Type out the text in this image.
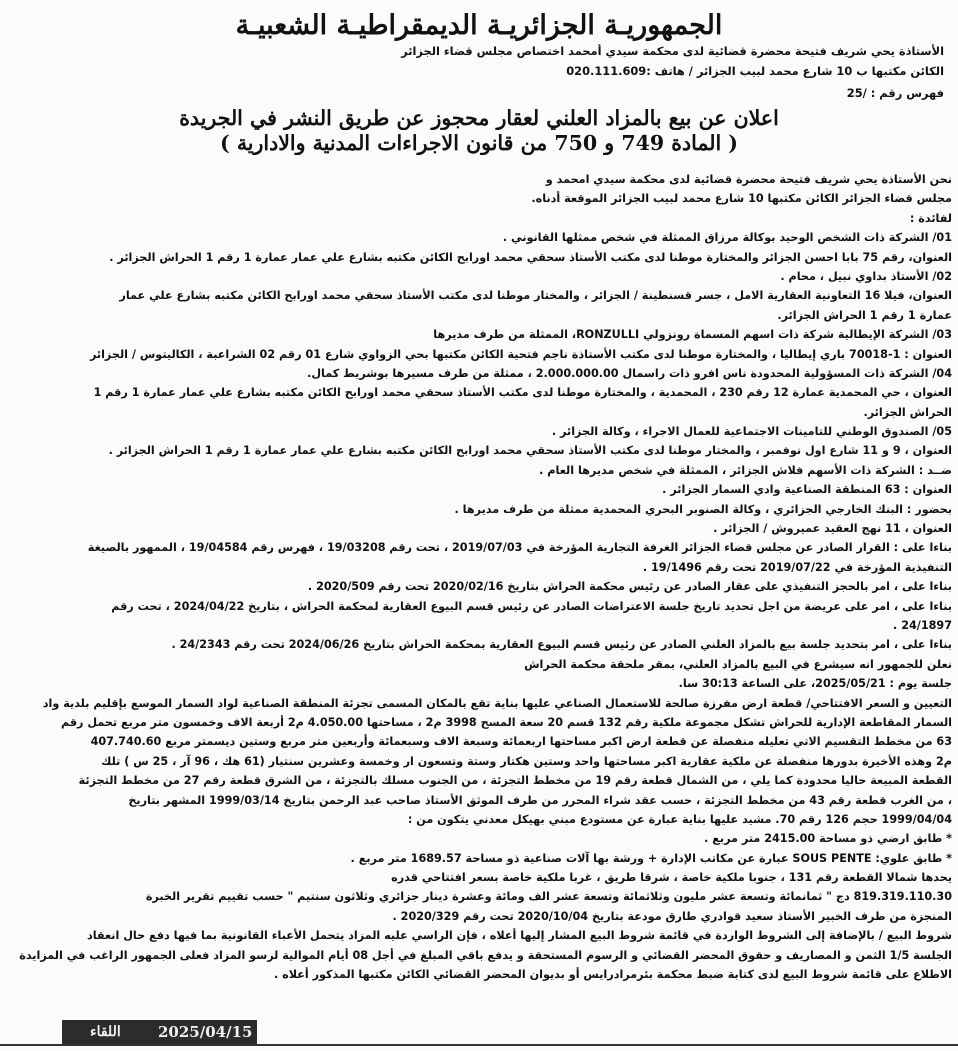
الجمهوريـة الجزائريـة الديمقراطيـة الشعبيـة
الأستاذة يحي شريف فتيحة محضرة قضائية لدى محكمة سيدي أمحمد اختصاص مجلس قضاء الجزائر
الكائن مكتبها ب 10 شارع محمد لبيب الجزائر / هاتف :020.111.609
فهرس رقم : /25
اعلان عن بيع بالمزاد العلني لعقار محجوز عن طريق النشر في الجريدة
( المادة 749 و 750 من قانون الاجراءات المدنية والادارية )
نحن الأستاذة يحي شريف فتيحة محضرة قضائية لدى محكمة سيدي امحمد و
مجلس قضاء الجزائر الكائن مكتبها 10 شارع محمد لبيب الجزائر الموقعة أدناه.
لفائدة :
01/ الشركة ذات الشخص الوحيد بوكالة مرزاق الممثلة في شخص ممثلها القانوني .
العنوان، رقم 75 بابا احسن الجزائر والمختارة موطنا لدى مكتب الأستاذ سحقي محمد اورابح الكائن مكتبه بشارع علي عمار عمارة 1 رقم 1 الحراش الجزائر .
02/ الأستاذ بداوي نبيل ، محام .
العنوان، فيلا 16 التعاونية العقارية الامل ، جسر قسنطينة / الجزائر ، والمختار موطنا لدى مكتب الأستاذ سحقي محمد اورابح الكائن مكتبه بشارع علي عمار
عمارة 1 رقم 1 الحراش الجزائر.
03/ الشركة الإيطالية شركة ذات اسهم المسماة رونزولي RONZULLI، الممثلة من طرف مديرها
العنوان : 1-70018 باري إيطاليا ، والمختارة موطنا لدى مكتب الأستاذة ناجم فتحية الكائن مكتبها بحي الزواوي شارع 01 رقم 02 الشراعبة ، الكاليتوس / الجزائر
04/ الشركة ذات المسؤولية المحدودة ناس افرو ذات راسمال 2.000.000.00 ، ممثلة من طرف مسيرها بوشريط كمال.
العنوان ، حي المحمدية عمارة 12 رقم 230 ، المحمدية ، والمختارة موطنا لدى مكتب الأستاذ سحقي محمد اورابح الكائن مكتبه بشارع علي عمار عمارة 1 رقم 1
الحراش الجزائر.
05/ الصندوق الوطني للتامينات الاجتماعية للعمال الاجراء ، وكالة الجزائر .
العنوان ، 9 و 11 شارع اول نوفمبر ، والمختار موطنا لدى مكتب الأستاذ سحقي محمد اورابح الكائن مكتبه بشارع علي عمار عمارة 1 رقم 1 الحراش الجزائر .
ضــد : الشركة ذات الأسهم فلاش الجزائر ، الممثلة في شخص مديرها العام .
العنوان : 63 المنطقة الصناعية وادي السمار الجزائر .
بحضور : البنك الخارجي الجزائري ، وكالة الصنوبر البحري المحمدية ممثلة من طرف مديرها .
العنوان ، 11 نهج العقيد عميروش / الجزائر .
بناءا على : القرار الصادر عن مجلس قضاء الجزائر الغرفة التجارية المؤرخة في 2019/07/03 ، تحت رقم 19/03208 ، فهرس رقم 19/04584 ، الممهور بالصيغة
التنفيذية المؤرخة في 2019/07/22 تحت رقم 19/1496 .
بناءا على ، امر بالحجز التنفيذي على عقار الصادر عن رئيس محكمة الحراش بتاريخ 2020/02/16 تحت رقم 2020/509 .
بناءا على ، امر على عريضة من اجل تحديد تاريخ جلسة الاعتراضات الصادر عن رئيس قسم البيوع العقارية لمحكمة الحراش ، بتاريخ 2024/04/22 ، تحت رقم
24/1897 .
بناءا على ، امر بتحديد جلسة بيع بالمزاد العلني الصادر عن رئيس قسم البيوع العقارية بمحكمة الحراش بتاريخ 2024/06/26 تحت رقم 24/2343 .
نعلن للجمهور انه سيشرع في البيع بالمزاد العلني، بمقر ملحقة محكمة الحراش
جلسة يوم : 2025/05/21، على الساعة 30:13 سا.
التعيين و السعر الافتتاحي/ قطعة ارض مفرزة صالحة للاستعمال الصناعي عليها بناية تقع بالمكان المسمى تجزئة المنطقة الصناعية لواد السمار الموسع بإقليم بلدية واد
السمار المقاطعة الإدارية للحراش تشكل مجموعة ملكية رقم 132 قسم 20 سعة المسح 3998 م2 ، مساحتها 4.050.00 م2 أربعة الاف وخمسون متر مربع تحمل رقم
63 من مخطط التقسيم الاتي تعليله منفصلة عن قطعة ارض اكبر مساحتها اربعمائة وسبعة الاف وسبعمائة وأربعين متر مربع وستين ديسمتر مربع 407.740.60
م2 وهذه الأخيرة بدورها منفصلة عن ملكية عقارية اكبر مساحتها واحد وستين هكتار وستة وتسعون ار وخمسة وعشرين سنتيار (61 هك ، 96 آر ، 25 س ) تلك
القطعة المبيعة حاليا محدودة كما يلي ، من الشمال قطعة رقم 19 من مخطط التجزئة ، من الجنوب مسلك بالتجزئة ، من الشرق قطعة رقم 27 من مخطط التجزئة
، من الغرب قطعة رقم 43 من مخطط التجزئة ، حسب عقد شراء المحرر من طرف الموثق الأستاذ صاحب عبد الرحمن بتاريخ 1999/03/14 المشهر بتاريخ
1999/04/04 حجم 126 رقم 70. مشيد عليها بناية عبارة عن مستودع مبني بهيكل معدني يتكون من :
* طابق ارضي ذو مساحة 2415.00 متر مربع .
* طابق علوي: SOUS PENTE عبارة عن مكاتب الإدارة + ورشة بها آلات صناعية ذو مساحة 1689.57 متر مربع .
يحدها شمالا القطعة رقم 131 ، جنوبا ملكية خاصة ، شرقا طريق ، غربا ملكية خاصة بسعر افتتاحي قدره
819.319.110.30 دج " ثمانمائة وتسعة عشر مليون وثلاثمائة وتسعة عشر الف ومائة وعشرة دينار جزائري وثلاثون سنتيم " حسب تقييم تقرير الخبرة
المنجزة من طرف الخبير الأستاذ سعيد قوادري طارق مودعة بتاريخ 2020/10/04 تحت رقم 2020/329 .
شروط البيع / بالإضافة إلى الشروط الواردة في قائمة شروط البيع المشار إليها أعلاه ، فإن الراسي عليه المزاد يتحمل الأعباء القانونية بما فيها دفع حال انعقاد
الجلسة 1/5 الثمن و المصاريف و حقوق المحضر القضائي و الرسوم المستحقة و يدفع باقي المبلغ في أجل 08 أيام الموالية لرسو المزاد فعلى الجمهور الراغب في المزايدة
الاطلاع على قائمة شروط البيع لدى كتابة ضبط محكمة بئرمرادرايس أو بديوان المحضر القضائي الكائن مكتبها المذكور أعلاه .
2025/04/15
اللقاء
